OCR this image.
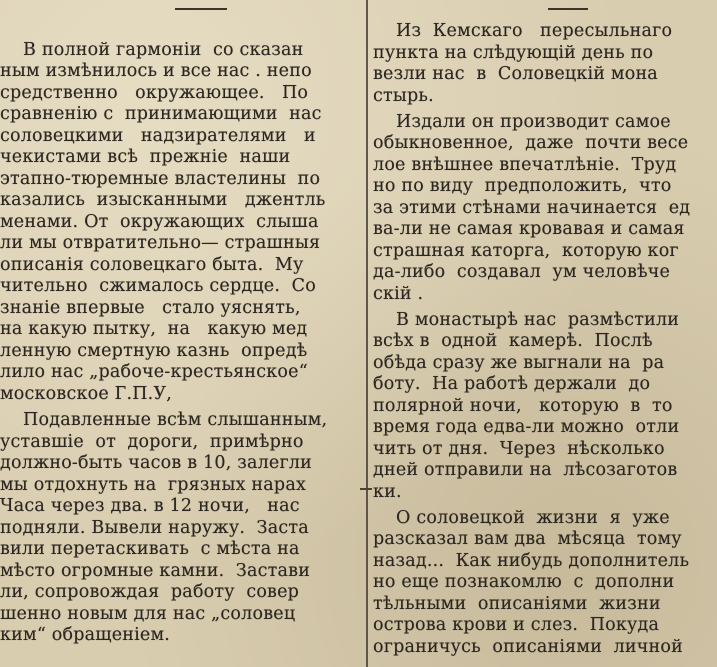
В полной гармонiи  со сказан
ным измѣнилось и все нас . непо
средственно   окружающее.   По
сравненiю с  принимающими  нас
соловецкими   надзирателями   и
чекистами всѣ  прежнiе  наши
этапно-тюремные властелины  по
казались  изысканными   джентль
менами. От  окружающих  слыша
ли мы отвратительно— страшныя
описанiя соловецкаго быта.  Му
чительно  сжималось сердце.  Со
знанiе впервые   стало уяснять,
на какую пытку,  на   какую мед
ленную смертную казнь  опредѣ
лило нас „рабоче-крестьянское“
московское Г.П.У,
Подавленные всѣм слышанным,
уставшiе  от  дороги,  примѣрно
должно-быть часов в 10, залегли
мы отдохнуть на  грязных нарах
Часа через два. в 12 ночи,   нас
подняли. Вывели наружу.  Заста
вили перетаскивать  с мѣста на
мѣсто огромные камни.  Застави
ли, сопровождая  работу  совер
шенно новым для нас „соловец
ким“ обращенiем.
Из  Кемскаго   пересыльнаго
пункта на слѣдующiй день по
везли нас  в  Соловецкiй мона
стырь.
Издали он производит самое
обыкновенное,  даже  почти весе
лое внѣшнее впечатлѣнiе.  Труд
но по виду  предположить,  что
за этими стѣнами начинается  ед
ва-ли не самая кровавая и самая
страшная каторга,  которую ког
да-либо  создавал  ум человѣче
скiй .
В монастырѣ нас  размѣстили
всѣх в  одной  камерѣ.  Послѣ
обѣда сразу же выгнали на  ра
боту.  На работѣ держали  до
полярной ночи,   которую  в  то
время года едва-ли можно  отли
чить от дня.  Через  нѣсколько
дней отправили на  лѣсозаготов
ки.
О соловецкой  жизни  я  уже
разсказал вам два  мѣсяца  тому
назад...  Как нибудь дополнитель
но еще познакомлю  с  дополни
тѣльными  описанiями  жизни
острова крови и слез.  Покуда
ограничусь  описанiями  личной
